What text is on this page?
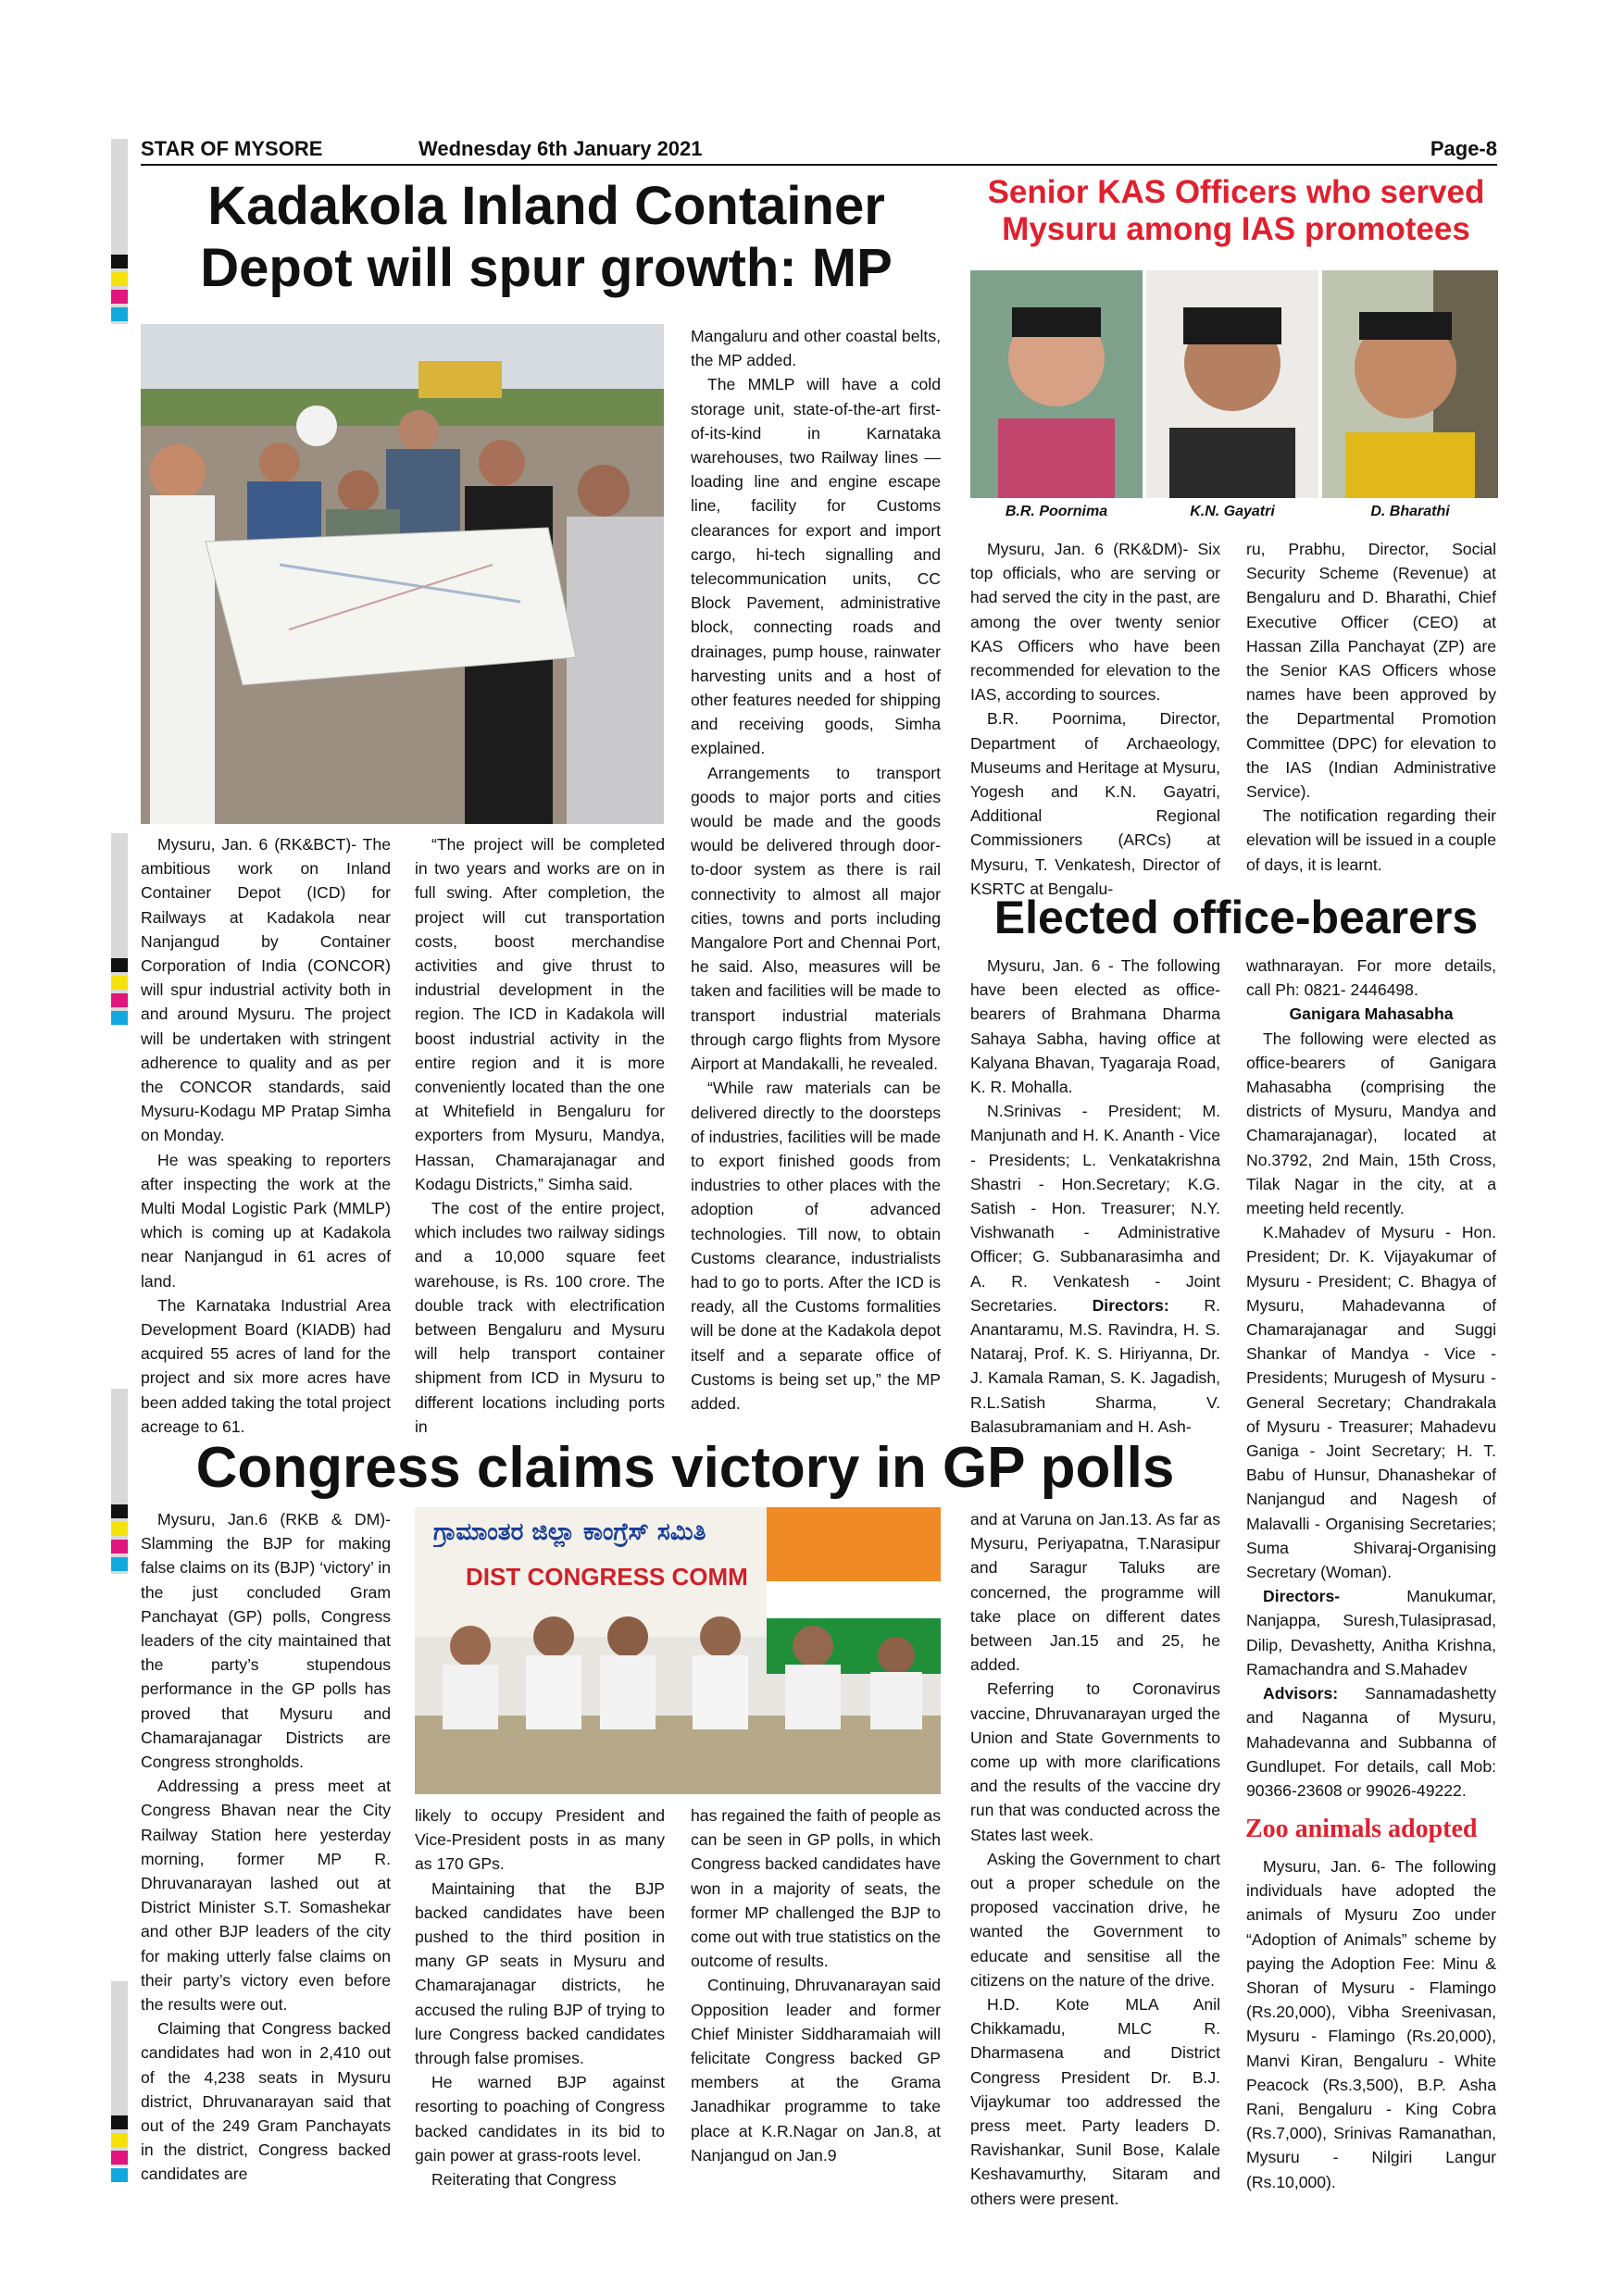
STAR OF MYSORE	Wednesday 6th January 2021	Page-8
Kadakola Inland Container
Depot will spur growth: MP

Mysuru, Jan. 6 (RK&BCT)- The ambitious work on Inland Container Depot (ICD) for Railways at Kadakola near Nanjangud by Container Corporation of India (CONCOR) will spur industrial activity both in and around Mysuru. The project will be undertaken with stringent adherence to quality and as per the CONCOR standards, said Mysuru-Kodagu MP Pratap Simha on Monday.

He was speaking to reporters after inspecting the work at the Multi Modal Logistic Park (MMLP) which is coming up at Kadakola near Nanjangud in 61 acres of land.

The Karnataka Industrial Area Development Board (KIADB) had acquired 55 acres of land for the project and six more acres have been added taking the total project acreage to 61.

“The project will be completed in two years and works are on in full swing. After completion, the project will cut transportation costs, boost merchandise activities and give thrust to industrial development in the region. The ICD in Kadakola will boost industrial activity in the entire region and it is more conveniently located than the one at Whitefield in Bengaluru for exporters from Mysuru, Mandya, Hassan, Chamarajanagar and Kodagu Districts,” Simha said.

The cost of the entire project, which includes two railway sidings and a 10,000 square feet warehouse, is Rs. 100 crore. The double track with electrification between Bengaluru and Mysuru will help transport container shipment from ICD in Mysuru to different locations including ports in

Mangaluru and other coastal belts, the MP added.

The MMLP will have a cold storage unit, state-of-the-art first-of-its-kind in Karnataka warehouses, two Railway lines — loading line and engine escape line, facility for Customs clearances for export and import cargo, hi-tech signalling and telecommunication units, CC Block Pavement, administrative block, connecting roads and drainages, pump house, rainwater harvesting units and a host of other features needed for shipping and receiving goods, Simha explained.

Arrangements to transport goods to major ports and cities would be made and the goods would be delivered through door-to-door system as there is rail connectivity to almost all major cities, towns and ports including Mangalore Port and Chennai Port, he said. Also, measures will be taken and facilities will be made to transport industrial materials through cargo flights from Mysore Airport at Mandakalli, he revealed.

“While raw materials can be delivered directly to the doorsteps of industries, facilities will be made to export finished goods from industries to other places with the adoption of advanced technologies. Till now, to obtain Customs clearance, industrialists had to go to ports. After the ICD is ready, all the Customs formalities will be done at the Kadakola depot itself and a separate office of Customs is being set up,” the MP added.

Senior KAS Officers who served
Mysuru among IAS promotees
B.R. Poornima	K.N. Gayatri	D. Bharathi

Mysuru, Jan. 6 (RK&DM)- Six top officials, who are serving or had served the city in the past, are among the over twenty senior KAS Officers who have been recommended for elevation to the IAS, according to sources.

B.R. Poornima, Director, Department of Archaeology, Museums and Heritage at Mysuru, Yogesh and K.N. Gayatri, Additional Regional Commissioners (ARCs) at Mysuru, T. Venkatesh, Director of KSRTC at Bengalu-

ru, Prabhu, Director, Social Security Scheme (Revenue) at Bengaluru and D. Bharathi, Chief Executive Officer (CEO) at Hassan Zilla Panchayat (ZP) are the Senior KAS Officers whose names have been approved by the Departmental Promotion Committee (DPC) for elevation to the IAS (Indian Administrative Service).

The notification regarding their elevation will be issued in a couple of days, it is learnt.

Elected office-bearers

Mysuru, Jan. 6 - The following have been elected as office-bearers of Brahmana Dharma Sahaya Sabha, having office at Kalyana Bhavan, Tyagaraja Road, K. R. Mohalla.

N.Srinivas - President; M. Manjunath and H. K. Ananth - Vice - Presidents; L. Venkatakrishna Shastri - Hon.Secretary; K.G. Satish - Hon. Treasurer; N.Y. Vishwanath - Administrative Officer; G. Subbanarasimha and A. R. Venkatesh - Joint Secretaries. Directors: R. Anantaramu, M.S. Ravindra, H. S. Nataraj, Prof. K. S. Hiriyanna, Dr. J. Kamala Raman, S. K. Jagadish, R.L.Satish Sharma, V. Balasubramaniam and H. Ash-

wathnarayan. For more details, call Ph: 0821- 2446498.

Ganigara Mahasabha

The following were elected as office-bearers of Ganigara Mahasabha (comprising the districts of Mysuru, Mandya and Chamarajanagar), located at No.3792, 2nd Main, 15th Cross, Tilak Nagar in the city, at a meeting held recently.

K.Mahadev of Mysuru - Hon. President; Dr. K. Vijayakumar of Mysuru - President; C. Bhagya of Mysuru, Mahadevanna of Chamarajanagar and Suggi Shankar of Mandya - Vice - Presidents; Murugesh of Mysuru - General Secretary; Chandrakala of Mysuru - Treasurer; Mahadevu Ganiga - Joint Secretary; H. T. Babu of Hunsur, Dhanashekar of Nanjangud and Nagesh of Malavalli - Organising Secretaries; Suma Shivaraj-Organising Secretary (Woman).

Directors-	Manukumar, Nanjappa, Suresh,Tulasiprasad, Dilip, Devashetty, Anitha Krishna, Ramachandra and S.Mahadev

Advisors: Sannamadashetty and Naganna of Mysuru, Mahadevanna and Subbanna of Gundlupet. For details, call Mob: 90366-23608 or 99026-49222.

Congress claims victory in GP polls
ಗ್ರಾಮಾಂತರ ಜಿಲ್ಲಾ ಕಾಂಗ್ರೆಸ್ ಸಮಿತಿ
DIST CONGRESS COMM

Mysuru, Jan.6 (RKB & DM)- Slamming the BJP for making false claims on its (BJP) ‘victory’ in the just concluded Gram Panchayat (GP) polls, Congress leaders of the city maintained that the party’s stupendous performance in the GP polls has proved that Mysuru and Chamarajanagar Districts are Congress strongholds.

Addressing a press meet at Congress Bhavan near the City Railway Station here yesterday morning, former MP R. Dhruvanarayan lashed out at District Minister S.T. Somashekar and other BJP leaders of the city for making utterly false claims on their party’s victory even before the results were out.

Claiming that Congress backed candidates had won in 2,410 out of the 4,238 seats in Mysuru district, Dhruvanarayan said that out of the 249 Gram Panchayats in the district, Congress backed candidates are

likely to occupy President and Vice-President posts in as many as 170 GPs.

Maintaining that the BJP backed candidates have been pushed to the third position in many GP seats in Mysuru and Chamarajanagar districts, he accused the ruling BJP of trying to lure Congress backed candidates through false promises.

He warned BJP against resorting to poaching of Congress backed candidates in its bid to gain power at grass-roots level.

Reiterating that Congress

has regained the faith of people as can be seen in GP polls, in which Congress backed candidates have won in a majority of seats, the former MP challenged the BJP to come out with true statistics on the outcome of results.

Continuing, Dhruvanarayan said Opposition leader and former Chief Minister Siddharamaiah will felicitate Congress backed GP members at the Grama Janadhikar programme to take place at K.R.Nagar on Jan.8, at Nanjangud on Jan.9

and at Varuna on Jan.13. As far as Mysuru, Periyapatna, T.Narasipur and Saragur Taluks are concerned, the programme will take place on different dates between Jan.15 and 25, he added.

Referring to Coronavirus vaccine, Dhruvanarayan urged the Union and State Governments to come up with more clarifications and the results of the vaccine dry run that was conducted across the States last week.

Asking the Government to chart out a proper schedule on the proposed vaccination drive, he wanted the Government to educate and sensitise all the citizens on the nature of the drive.

H.D. Kote MLA Anil Chikkamadu, MLC R. Dharmasena and District Congress President Dr. B.J. Vijaykumar too addressed the press meet. Party leaders D. Ravishankar, Sunil Bose, Kalale Keshavamurthy, Sitaram and others were present.

Zoo animals adopted

Mysuru, Jan. 6- The following individuals have adopted the animals of Mysuru Zoo under “Adoption of Animals” scheme by paying the Adoption Fee: Minu & Shoran of Mysuru - Flamingo (Rs.20,000), Vibha Sreenivasan, Mysuru - Flamingo (Rs.20,000), Manvi Kiran, Bengaluru - White Peacock (Rs.3,500), B.P. Asha Rani, Bengaluru - King Cobra (Rs.7,000), Srinivas Ramanathan, Mysuru - Nilgiri Langur (Rs.10,000).
